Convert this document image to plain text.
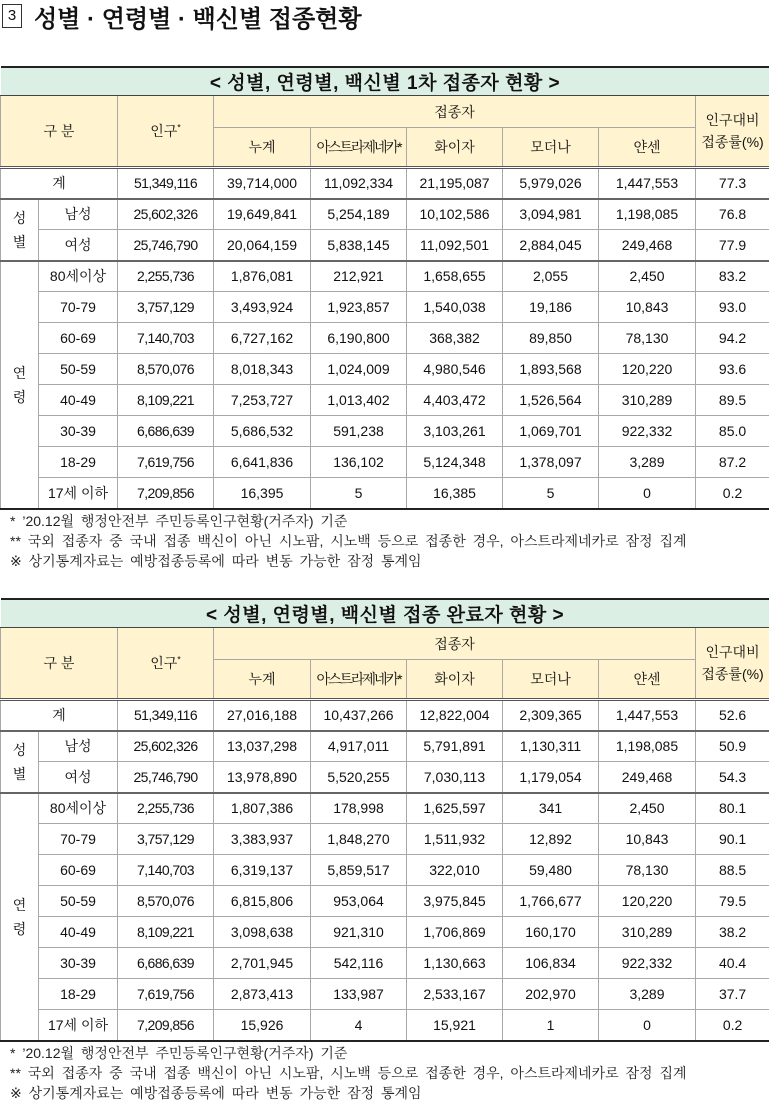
3 성별 · 연령별 · 백신별 접종현황
< 성별, 연령별, 백신별 1차 접종자 현황 >								
구 분		인구*	접종자					인구대비
접종률(%)
			누계	아스트라제네카*	화이자	모더나	얀센	
계		51,349,116	39,714,000	11,092,334	21,195,087	5,979,026	1,447,553	77.3

성
별	남성	25,602,326	19,649,841	5,254,189	10,102,586	3,094,981	1,198,085	76.8
	여성	25,746,790	20,064,159	5,838,145	11,092,501	2,884,045	249,468	77.9

연
령	80세이상	2,255,736	1,876,081	212,921	1,658,655	2,055	2,450	83.2
	70-79	3,757,129	3,493,924	1,923,857	1,540,038	19,186	10,843	93.0
	60-69	7,140,703	6,727,162	6,190,800	368,382	89,850	78,130	94.2
	50-59	8,570,076	8,018,343	1,024,009	4,980,546	1,893,568	120,220	93.6
	40-49	8,109,221	7,253,727	1,013,402	4,403,472	1,526,564	310,289	89.5
	30-39	6,686,639	5,686,532	591,238	3,103,261	1,069,701	922,332	85.0
	18-29	7,619,756	6,641,836	136,102	5,124,348	1,378,097	3,289	87.2
	17세 이하	7,209,856	16,395	5	16,385	5	0	0.2
* ’20.12월 행정안전부 주민등록인구현황(거주자) 기준
** 국외 접종자 중 국내 접종 백신이 아닌 시노팜, 시노백 등으로 접종한 경우, 아스트라제네카로 잠정 집계
※ 상기통계자료는 예방접종등록에 따라 변동 가능한 잠정 통계임
< 성별, 연령별, 백신별 접종 완료자 현황 >								
구 분		인구*	접종자					인구대비
접종률(%)
			누계	아스트라제네카*	화이자	모더나	얀센	
계		51,349,116	27,016,188	10,437,266	12,822,004	2,309,365	1,447,553	52.6

성
별	남성	25,602,326	13,037,298	4,917,011	5,791,891	1,130,311	1,198,085	50.9
	여성	25,746,790	13,978,890	5,520,255	7,030,113	1,179,054	249,468	54.3

연
령	80세이상	2,255,736	1,807,386	178,998	1,625,597	341	2,450	80.1
	70-79	3,757,129	3,383,937	1,848,270	1,511,932	12,892	10,843	90.1
	60-69	7,140,703	6,319,137	5,859,517	322,010	59,480	78,130	88.5
	50-59	8,570,076	6,815,806	953,064	3,975,845	1,766,677	120,220	79.5
	40-49	8,109,221	3,098,638	921,310	1,706,869	160,170	310,289	38.2
	30-39	6,686,639	2,701,945	542,116	1,130,663	106,834	922,332	40.4
	18-29	7,619,756	2,873,413	133,987	2,533,167	202,970	3,289	37.7
	17세 이하	7,209,856	15,926	4	15,921	1	0	0.2
* ’20.12월 행정안전부 주민등록인구현황(거주자) 기준
** 국외 접종자 중 국내 접종 백신이 아닌 시노팜, 시노백 등으로 접종한 경우, 아스트라제네카로 잠정 집계
※ 상기통계자료는 예방접종등록에 따라 변동 가능한 잠정 통계임
